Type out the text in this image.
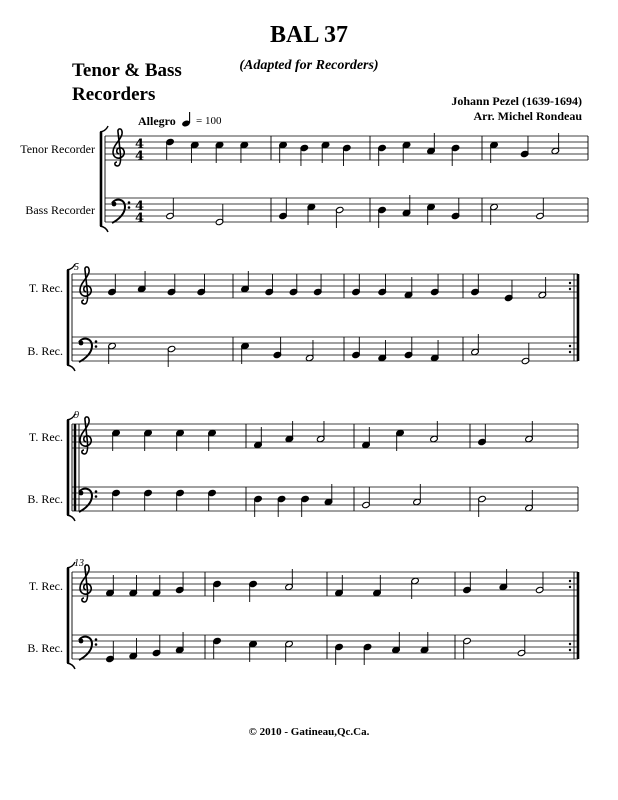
BAL 37
(Adapted for Recorders)
Tenor & Bass
Recorders	Johann Pezel (1639-1694)
Arr. Michel Rondeau
Allegro = 100
Tenor Recorder
Bass Recorder
T. Rec.
B. Rec.
T. Rec.
B. Rec.
T. Rec.
B. Rec.
5
9
13
4
4
4
4
© 2010 - Gatineau,Qc.Ca.
